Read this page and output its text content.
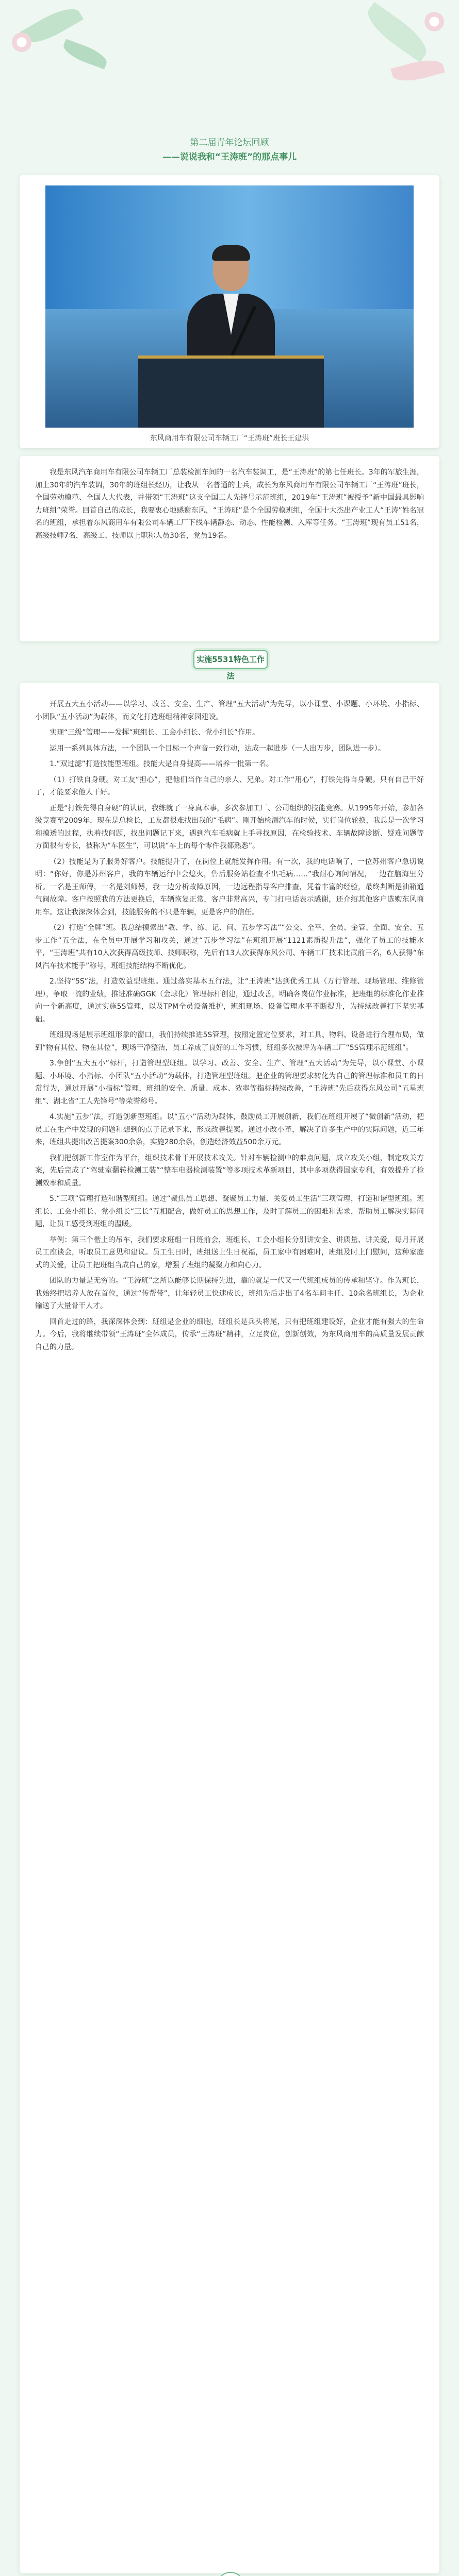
第二届青年论坛回顾
——说说我和“王涛班”的那点事儿
东风商用车有限公司车辆工厂“王涛班”班长王建洪

我是东风汽车商用车有限公司车辆工厂总装检测车间的一名汽车装调工，是“王涛班”的第七任班长。3年的军旅生涯，加上30年的汽车装调，30年的班组长经历，让我从一名普通的士兵，成长为东风商用车有限公司车辆工厂“王涛班”班长，全国劳动模范、全国人大代表，并带领“王涛班”这支全国工人先锋号示范班组，2019年“王涛班”被授予“新中国最具影响力班组”荣誉。回首自己的成长，我要衷心地感谢东风，“王涛班”是个全国劳模班组，全国十大杰出产业工人“王涛”姓名冠名的班组，承担着东风商用车有限公司车辆工厂下线车辆静态、动态、性能检测、入库等任务。“王涛班”现有员工51名，高级技师7名，高级工、技师以上职称人员30名，党员19名。

实施5531特色工作法

开展五大五小活动——以学习、改善、安全、生产、管理“五大活动”为先导，以小课堂、小课题、小环境、小指标、小团队“五小活动”为载体，而文化打造班组精神家园建设。

实现“三级”管理——发挥“班组长、工会小组长、党小组长”作用。

运用一系列具体方法，一个团队一个目标一个声音一致行动，达成一起进步（一人出万步，团队进一步）。

1.“双过滤”打造技能型班组。技能大是自身提高——培养一批第一名。

（1）打铁自身硬。对工友“担心”，把他们当作自己的亲人、兄弟。对工作“用心”，打铁先得自身硬。只有自己干好了，才能要求他人干好。

正是“打铁先得自身硬”的认识，我练就了一身真本事，多次参加工厂、公司组织的技能竞赛。从1995年开始，参加各级竞赛至2009年，现在是总检长，工友都很难找出我的“毛病”。刚开始检测汽车的时候，实行岗位轮换，我总是一次学习和摸透的过程，执着找问题，找出问题记下来，遇到汽车毛病就上手寻找原因，在检验技术、车辆故障诊断、疑难问题等方面很有专长，被称为“车医生”，可以说“车上的每个零件我都熟悉”。

（2）技能是为了服务好客户。技能提升了，在岗位上就能发挥作用。有一次，我的电话响了，一位苏州客户急切说明：“你好，你是苏州客户，我的车辆运行中会熄火，售后服务站检查不出毛病……”我耐心询问情况，一边在脑海里分析。一名是王师傅，一名是刘师傅，我一边分析故障原因，一边远程指导客户排查，凭着丰富的经验，最终判断是油箱通气阀故障。客户按照我的方法更换后，车辆恢复正常，客户非常高兴，专门打电话表示感谢，还介绍其他客户选购东风商用车。这让我深深体会到，技能服务的不只是车辆，更是客户的信任。

（2）打造“全牌”班。我总结摸索出“教、学、练、记、问、五步学习法”“公交、全平、全员、金管、全面、安全、五步工作”五全法，在全员中开展学习和攻关，通过“五步学习法”在班组开展“1121素质提升法”，强化了员工的技能水平，“王涛班”共有10人次获得高级技师、技师职称，先后有13人次获得东风公司、车辆工厂技术比武前三名，6人获得“东风汽车技术能手”称号，班组技能结构不断优化。

2.坚持“5S”法，打造效益型班组。通过落实基本五行法，让“王涛班”达到优秀工具（万行管理、现场管理、维修管理），争取一流的业绩，推进准确GGK（金球化）管理标杆创建，通过改善，明确各岗位作业标准，把班组的标准化作业推向一个新高度，通过实施5S管理，以及TPM全员设备维护，班组现场、设备管理水平不断提升，为持续改善打下坚实基础。

班组现场是展示班组形象的窗口，我们持续推进5S管理，按照定置定位要求，对工具、物料、设备进行合理布局，做到“物有其位、物在其位”，现场干净整洁，员工养成了良好的工作习惯，班组多次被评为车辆工厂“5S管理示范班组”。

3.争创“五大五小”标杆，打造管理型班组。以学习、改善、安全、生产、管理“五大活动”为先导，以小课堂、小课题、小环境、小指标、小团队“五小活动”为载体，打造管理型班组。把企业的管理要求转化为自己的管理标准和员工的日常行为，通过开展“小指标”管理，班组的安全、质量、成本、效率等指标持续改善，“王涛班”先后获得东风公司“五星班组”、湖北省“工人先锋号”等荣誉称号。

4.实施“五步”法，打造创新型班组。以“五小”活动为载体，鼓励员工开展创新，我们在班组开展了“微创新”活动，把员工在生产中发现的问题和想到的点子记录下来，形成改善提案。通过小改小革，解决了许多生产中的实际问题，近三年来，班组共提出改善提案300余条，实施280余条，创造经济效益500余万元。

我们把创新工作室作为平台，组织技术骨干开展技术攻关。针对车辆检测中的难点问题，成立攻关小组，制定攻关方案，先后完成了“驾驶室翻转检测工装”“整车电器检测装置”等多项技术革新项目，其中多项获得国家专利，有效提升了检测效率和质量。

5.“三项”管理打造和谐型班组。通过“聚焦员工思想、凝聚员工力量、关爱员工生活”三项管理，打造和谐型班组。班组长、工会小组长、党小组长“三长”互相配合，做好员工的思想工作，及时了解员工的困难和需求，帮助员工解决实际问题，让员工感受到班组的温暖。

举例：第三个楷上的吊车，我们要求班组一日班前会，班组长、工会小组长分别讲安全、讲质量、讲关爱，每月开展员工座谈会，听取员工意见和建议。员工生日时，班组送上生日祝福，员工家中有困难时，班组及时上门慰问，这种家庭式的关爱，让员工把班组当成自己的家，增强了班组的凝聚力和向心力。

团队的力量是无穷的。“王涛班”之所以能够长期保持先进，靠的就是一代又一代班组成员的传承和坚守。作为班长，我始终把培养人放在首位，通过“传帮带”，让年轻员工快速成长，班组先后走出了4名车间主任、10余名班组长，为企业输送了大量骨干人才。

回首走过的路，我深深体会到：班组是企业的细胞，班组长是兵头将尾，只有把班组建设好，企业才能有强大的生命力。今后，我将继续带领“王涛班”全体成员，传承“王涛班”精神，立足岗位，创新创效，为东风商用车的高质量发展贡献自己的力量。
